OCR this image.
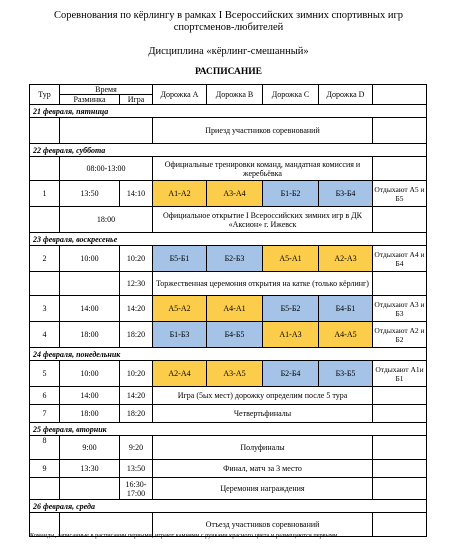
Соревнования по кёрлингу в рамках I Всероссийских зимних спортивных игр
спортсменов-любителей
Дисциплина «кёрлинг-смешанный»
РАСПИСАНИЕ
Тур	Время		Дорожка А	Дорожка В	Дорожка С	Дорожка D	
	Разминка	Игра					
21 февраля, пятница							
			Приезд участников соревнований				
22 февраля, суббота							
	08:00-13:00		Официальные тренировки команд, мандатная комиссия и жеребьёвка				
1	13:50	14:10	А1-А2	А3-А4	Б1-Б2	Б3-Б4	Отдыхают А5 и Б5
	18:00		Официальное открытие I Всероссийских зимних игр в ДК «Аксион» г. Ижевск				
23 февраля, воскресенье							
2	10:00	10:20	Б5-Б1	Б2-Б3	А5-А1	А2-А3	Отдыхают А4 и Б4
		12:30	Торжественная церемония открытия на катке (только кёрлинг)				
3	14:00	14:20	А5-А2	А4-А1	Б5-Б2	Б4-Б1	Отдыхают А3 и Б3
4	18:00	18:20	Б1-Б3	Б4-Б5	А1-А3	А4-А5	Отдыхают А2 и Б2
24 февраля, понедельник							
5	10:00	10:20	А2-А4	А3-А5	Б2-Б4	Б3-Б5	Отдыхают А1и Б1
6	14:00	14:20	Игра (5ых мест) дорожку определим после 5 тура				
7	18:00	18:20	Четвертьфиналы				
25 февраля, вторник							
8	9:00	9:20	Полуфиналы				
9	13:30	13:50	Финал, матч за 3 место				
		16:30-17:00	Церемония награждения				
26 февраля, среда							
			Отъезд участников соревнований				
Команды, записанные в расписании первыми, играют камнями с ручками красного цвета и размещаются первыми
